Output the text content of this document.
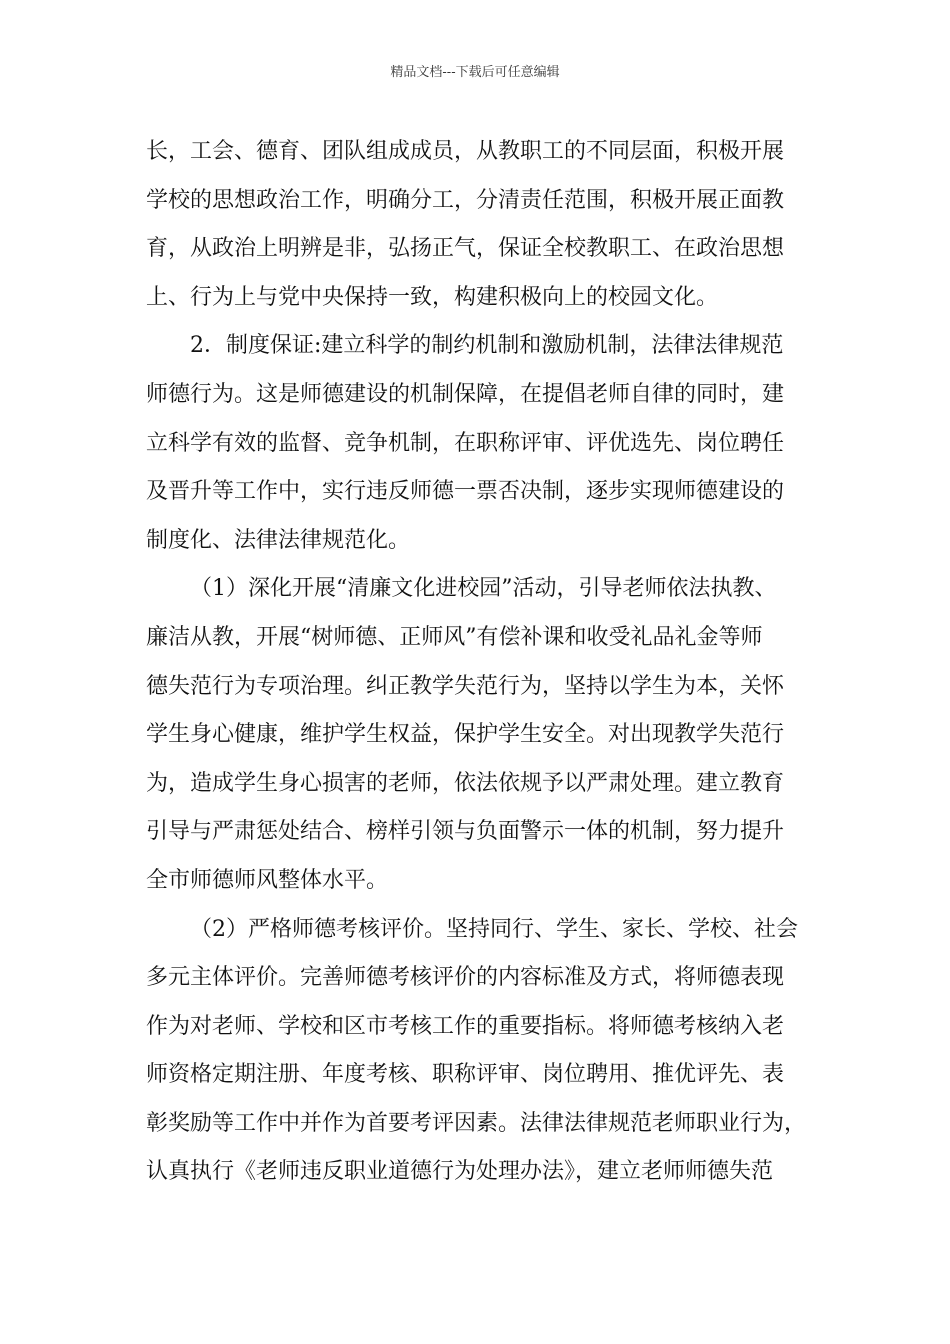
精品文档---下载后可任意编辑
长，工会、德育、团队组成成员，从教职工的不同层面，积极开展
学校的思想政治工作，明确分工，分清责任范围，积极开展正面教
育，从政治上明辨是非，弘扬正气，保证全校教职工、在政治思想
上、行为上与党中央保持一致，构建积极向上的校园文化。
2．制度保证:建立科学的制约机制和激励机制，法律法律规范
师德行为。这是师德建设的机制保障，在提倡老师自律的同时，建
立科学有效的监督、竞争机制，在职称评审、评优选先、岗位聘任
及晋升等工作中，实行违反师德一票否决制，逐步实现师德建设的
制度化、法律法律规范化。
（1）深化开展“清廉文化进校园”活动，引导老师依法执教、
廉洁从教，开展“树师德、正师风”有偿补课和收受礼品礼金等师
德失范行为专项治理。纠正教学失范行为，坚持以学生为本，关怀
学生身心健康，维护学生权益，保护学生安全。对出现教学失范行
为，造成学生身心损害的老师，依法依规予以严肃处理。建立教育
引导与严肃惩处结合、榜样引领与负面警示一体的机制，努力提升
全市师德师风整体水平。
（2）严格师德考核评价。坚持同行、学生、家长、学校、社会
多元主体评价。完善师德考核评价的内容标准及方式，将师德表现
作为对老师、学校和区市考核工作的重要指标。将师德考核纳入老
师资格定期注册、年度考核、职称评审、岗位聘用、推优评先、表
彰奖励等工作中并作为首要考评因素。法律法律规范老师职业行为，
认真执行《老师违反职业道德行为处理办法》，建立老师师德失范
